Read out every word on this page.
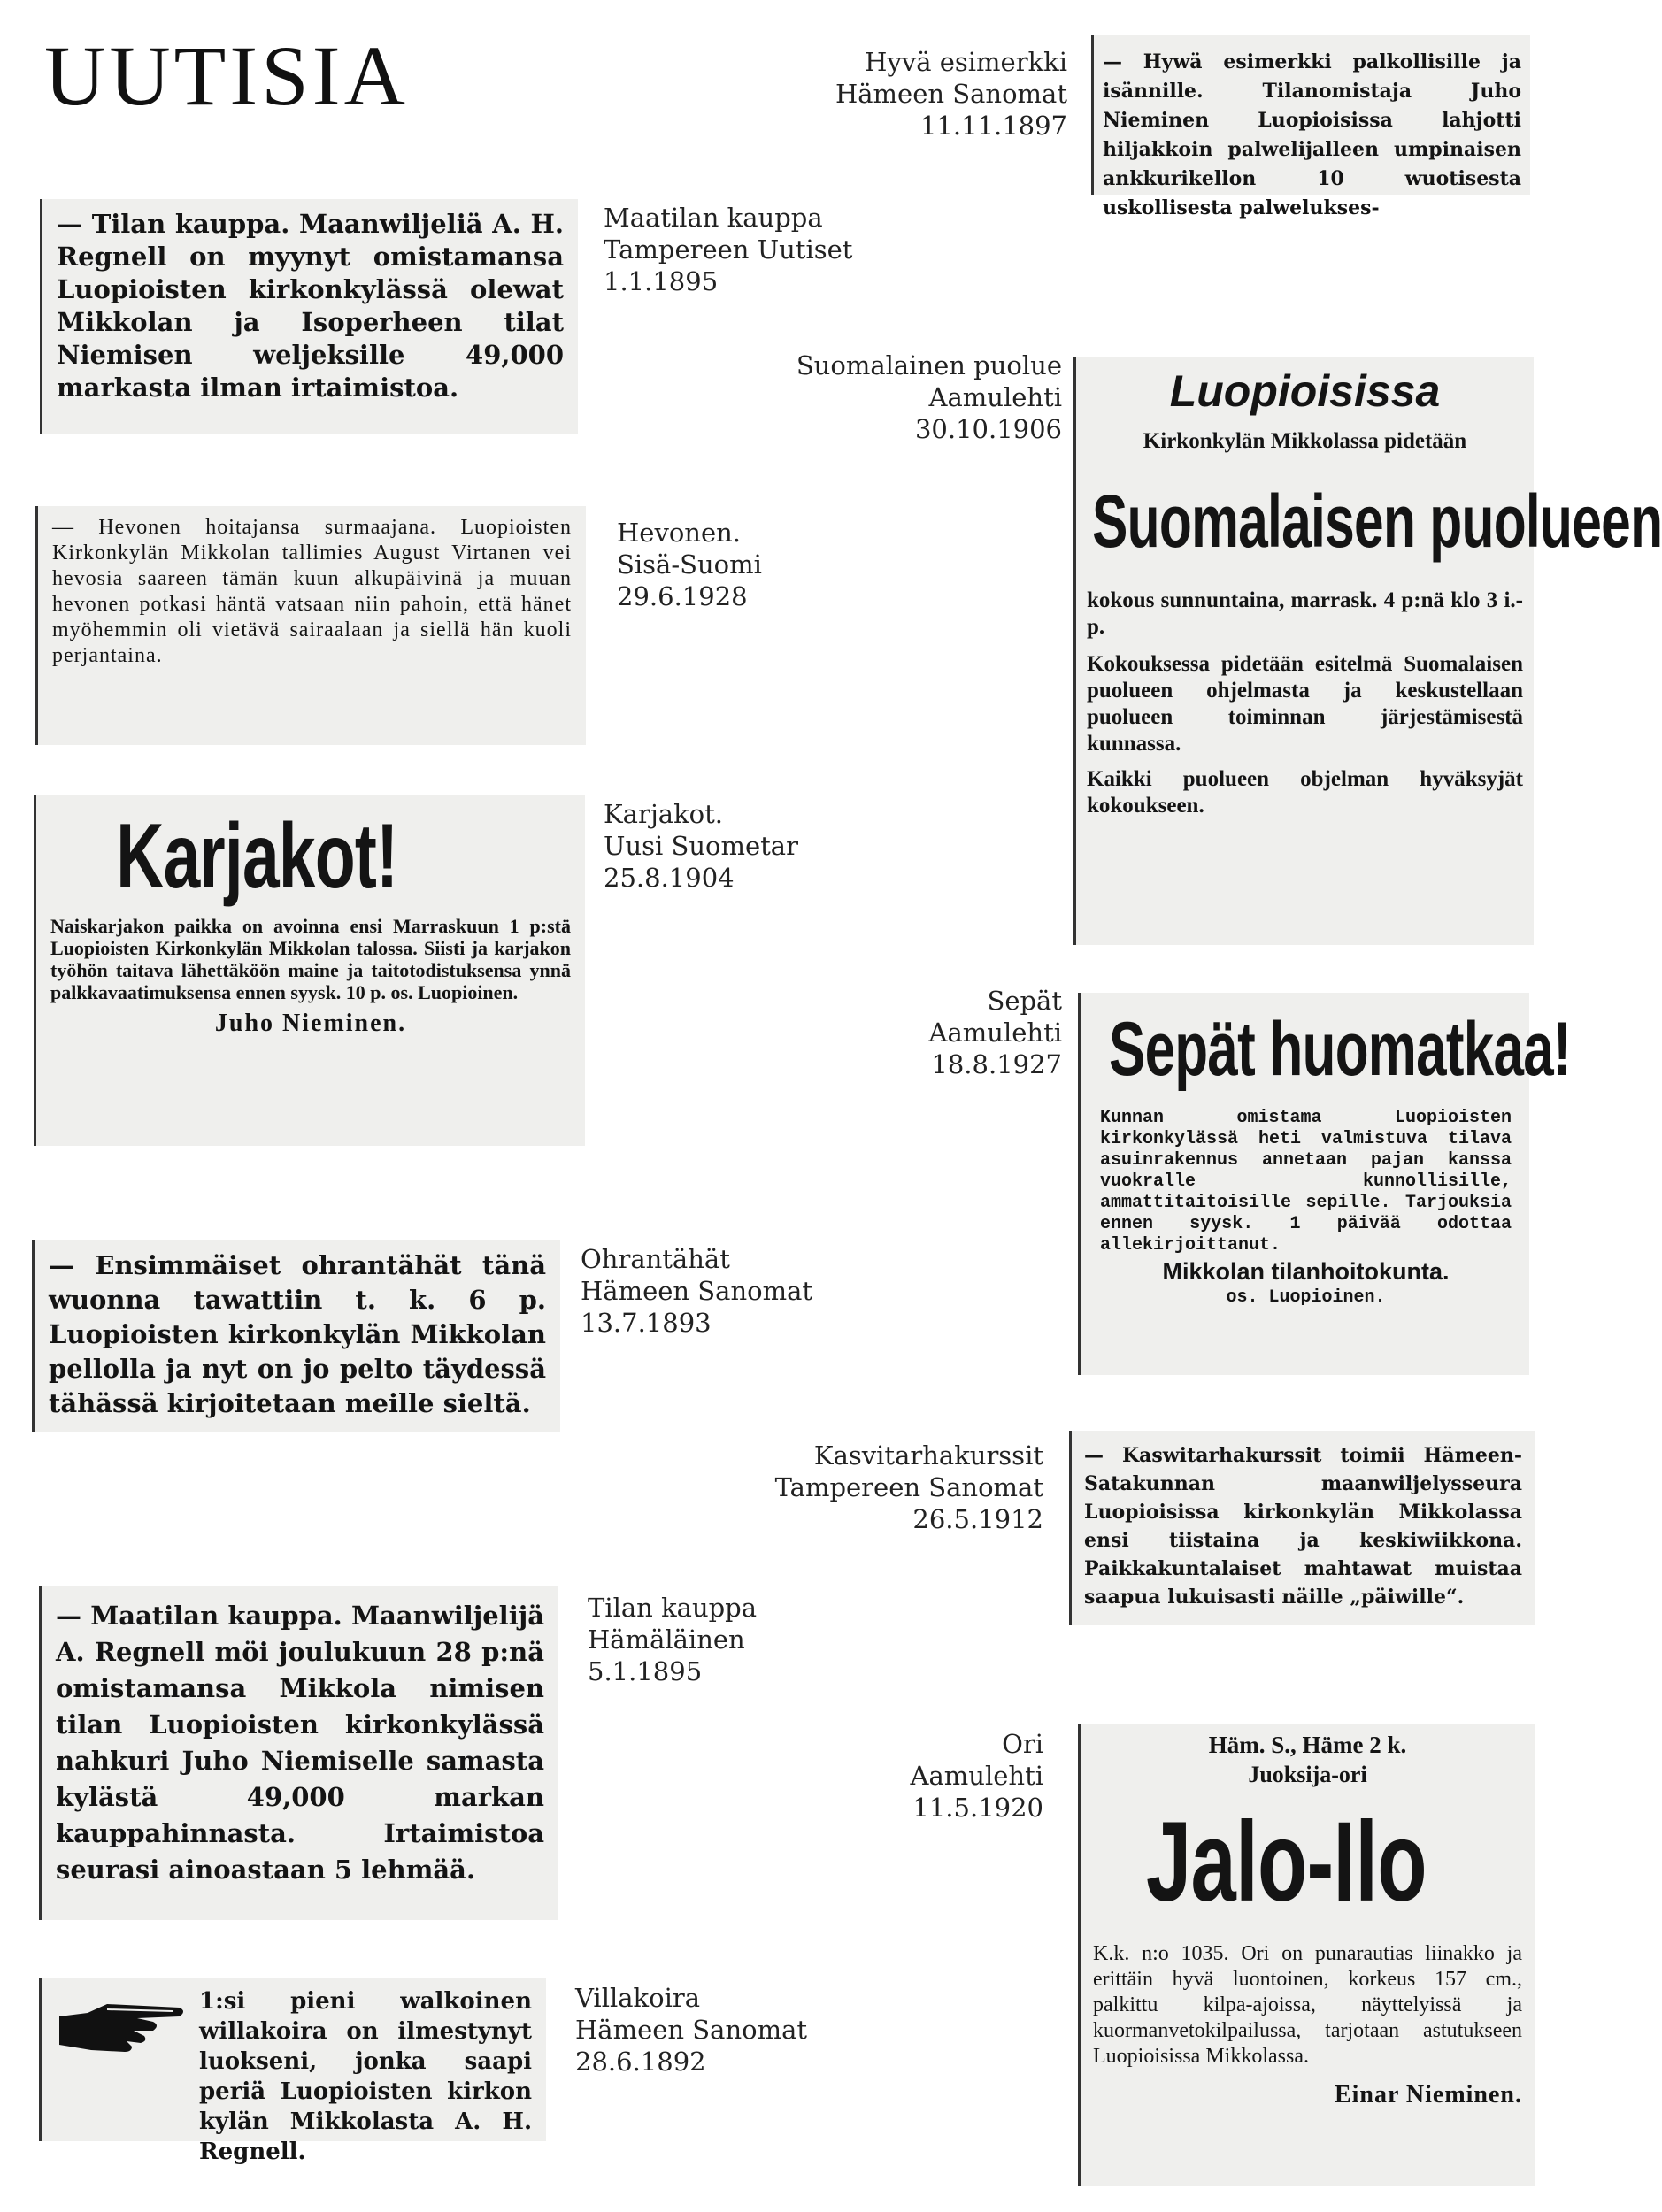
UUTISIA

— Tilan kauppa. Maanwiljeliä A. H. Regnell on myynyt omistamansa Luopioisten kirkonkylässä olewat Mikkolan ja Isoperheen tilat Niemisen weljeksille 49,000 markasta ilman irtaimistoa.

Maatilan kauppa
Tampereen Uutiset
1.1.1895

— Hevonen hoitajansa surmaajana. Luopioisten Kirkonkylän Mikkolan tallimies August Virtanen vei hevosia saareen tämän kuun alkupäivinä ja muuan hevonen potkasi häntä vatsaan niin pahoin, että hänet myöhemmin oli vietävä sairaalaan ja siellä hän kuoli perjantaina.

Hevonen.
Sisä-Suomi
29.6.1928
Karjakot!

Naiskarjakon paikka on avoinna ensi Marraskuun 1 p:stä Luopioisten Kirkonkylän Mikkolan talossa. Siisti ja karjakon työhön taitava lähettäköön maine ja taitotodistuksensa ynnä palkkavaatimuksensa ennen syysk. 10 p. os. Luopioinen.

Juho Nieminen.

Karjakot.
Uusi Suometar
25.8.1904

— Ensimmäiset ohrantähät tänä wuonna tawattiin t. k. 6 p. Luopioisten kirkonkylän Mikkolan pellolla ja nyt on jo pelto täydessä tähässä kirjoitetaan meille sieltä.

Ohrantähät
Hämeen Sanomat
13.7.1893

— Maatilan kauppa. Maanwiljelijä A. Regnell möi joulukuun 28 p:nä omistamansa Mikkola nimisen tilan Luopioisten kirkonkylässä nahkuri Juho Niemiselle samasta kylästä 49,000 markan kauppahinnasta. Irtaimistoa seurasi ainoastaan 5 lehmää.

Tilan kauppa
Hämäläinen
5.1.1895

1:si pieni walkoinen willakoira on ilmestynyt luokseni, jonka saapi periä Luopioisten kirkon kylän Mikkolasta A. H. Regnell.

Villakoira
Hämeen Sanomat
28.6.1892
Hyvä esimerkki
Hämeen Sanomat
11.11.1897

— Hywä esimerkki palkollisille ja isännille. Tilanomistaja Juho Nieminen Luopioisissa lahjotti hiljakkoin palwelijalleen umpinaisen ankkurikellon 10 wuotisesta uskollisesta palwelukses-

Suomalainen puolue
Aamulehti
30.10.1906
Luopioisissa
Kirkonkylän Mikkolassa pidetään
Suomalaisen puolueen

kokous sunnuntaina, marrask. 4 p:nä klo 3 i.-p.

Kokouksessa pidetään esitelmä Suomalaisen puolueen ohjelmasta ja keskustellaan puolueen toiminnan järjestämisestä kunnassa.

Kaikki puolueen objelman hyväksyjät kokoukseen.

Sepät
Aamulehti
18.8.1927 Sepät huomatkaa!

Kunnan omistama Luopioisten kirkonkylässä heti valmistuva tilava asuinrakennus annetaan pajan kanssa vuokralle kunnollisille, ammattitaitoisille sepille. Tarjouksia ennen syysk. 1 päivää odottaa allekirjoittanut.

Mikkolan tilanhoitokunta.

os. Luopioinen.

Kasvitarhakurssit
Tampereen Sanomat
26.5.1912

— Kaswitarhakurssit toimii Hämeen-Satakunnan maanwiljelysseura Luopioisissa kirkonkylän Mikkolassa ensi tiistaina ja keskiwiikkona. Paikkakuntalaiset mahtawat muistaa saapua lukuisasti näille „päiwille“.

Ori
Aamulehti
11.5.1920
Häm. S., Häme 2 k.
Juoksija-ori
Jalo-Ilo

K.k. n:o 1035. Ori on punarautias liinakko ja erittäin hyvä luontoinen, korkeus 157 cm., palkittu kilpa-ajoissa, näyttelyissä ja kuormanvetokilpailussa, tarjotaan astutukseen Luopioisissa Mikkolassa.

Einar Nieminen.
